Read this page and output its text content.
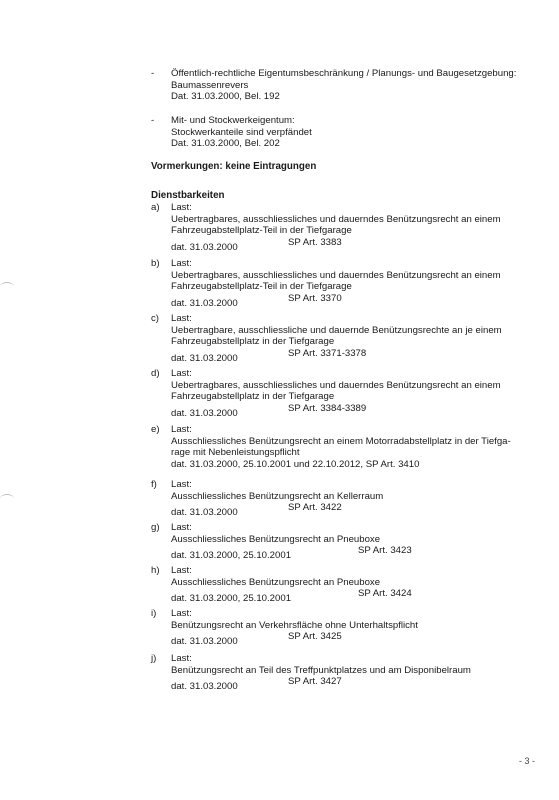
- Öffentlich-rechtliche Eigentumsbeschränkung / Planungs- und Baugesetzgebung:
Baumassenrevers
Dat. 31.03.2000, Bel. 192
- Mit- und Stockwerkeigentum:
Stockwerkanteile sind verpfändet
Dat. 31.03.2000, Bel. 202
Vormerkungen: keine Eintragungen
Dienstbarkeiten
a) Last:
Uebertragbares, ausschliessliches und dauerndes Benützungsrecht an einem
Fahrzeugabstellplatz-Teil in der Tiefgarage
dat. 31.03.2000	SP Art. 3383
b) Last:
Uebertragbares, ausschliessliches und dauerndes Benützungsrecht an einem
Fahrzeugabstellplatz-Teil in der Tiefgarage
dat. 31.03.2000	SP Art. 3370
c) Last:
Uebertragbare, ausschliessliche und dauernde Benützungsrechte an je einem
Fahrzeugabstellplatz in der Tiefgarage
dat. 31.03.2000	SP Art. 3371-3378
d) Last:
Uebertragbares, ausschliessliches und dauerndes Benützungsrecht an einem
Fahrzeugabstellplatz in der Tiefgarage
dat. 31.03.2000	SP Art. 3384-3389
e) Last:
Ausschliessliches Benützungsrecht an einem Motorradabstellplatz in der Tiefga-
rage mit Nebenleistungspflicht
dat. 31.03.2000, 25.10.2001 und 22.10.2012, SP Art. 3410
f) Last:
Ausschliessliches Benützungsrecht an Kellerraum
dat. 31.03.2000	SP Art. 3422
g) Last:
Ausschliessliches Benützungsrecht an Pneuboxe
dat. 31.03.2000, 25.10.2001	SP Art. 3423
h) Last:
Ausschliessliches Benützungsrecht an Pneuboxe
dat. 31.03.2000, 25.10.2001	SP Art. 3424
i) Last:
Benützungsrecht an Verkehrsfläche ohne Unterhaltspflicht
dat. 31.03.2000	SP Art. 3425
j) Last:
Benützungsrecht an Teil des Treffpunktplatzes und am Disponibelraum
dat. 31.03.2000	SP Art. 3427
- 3 -
